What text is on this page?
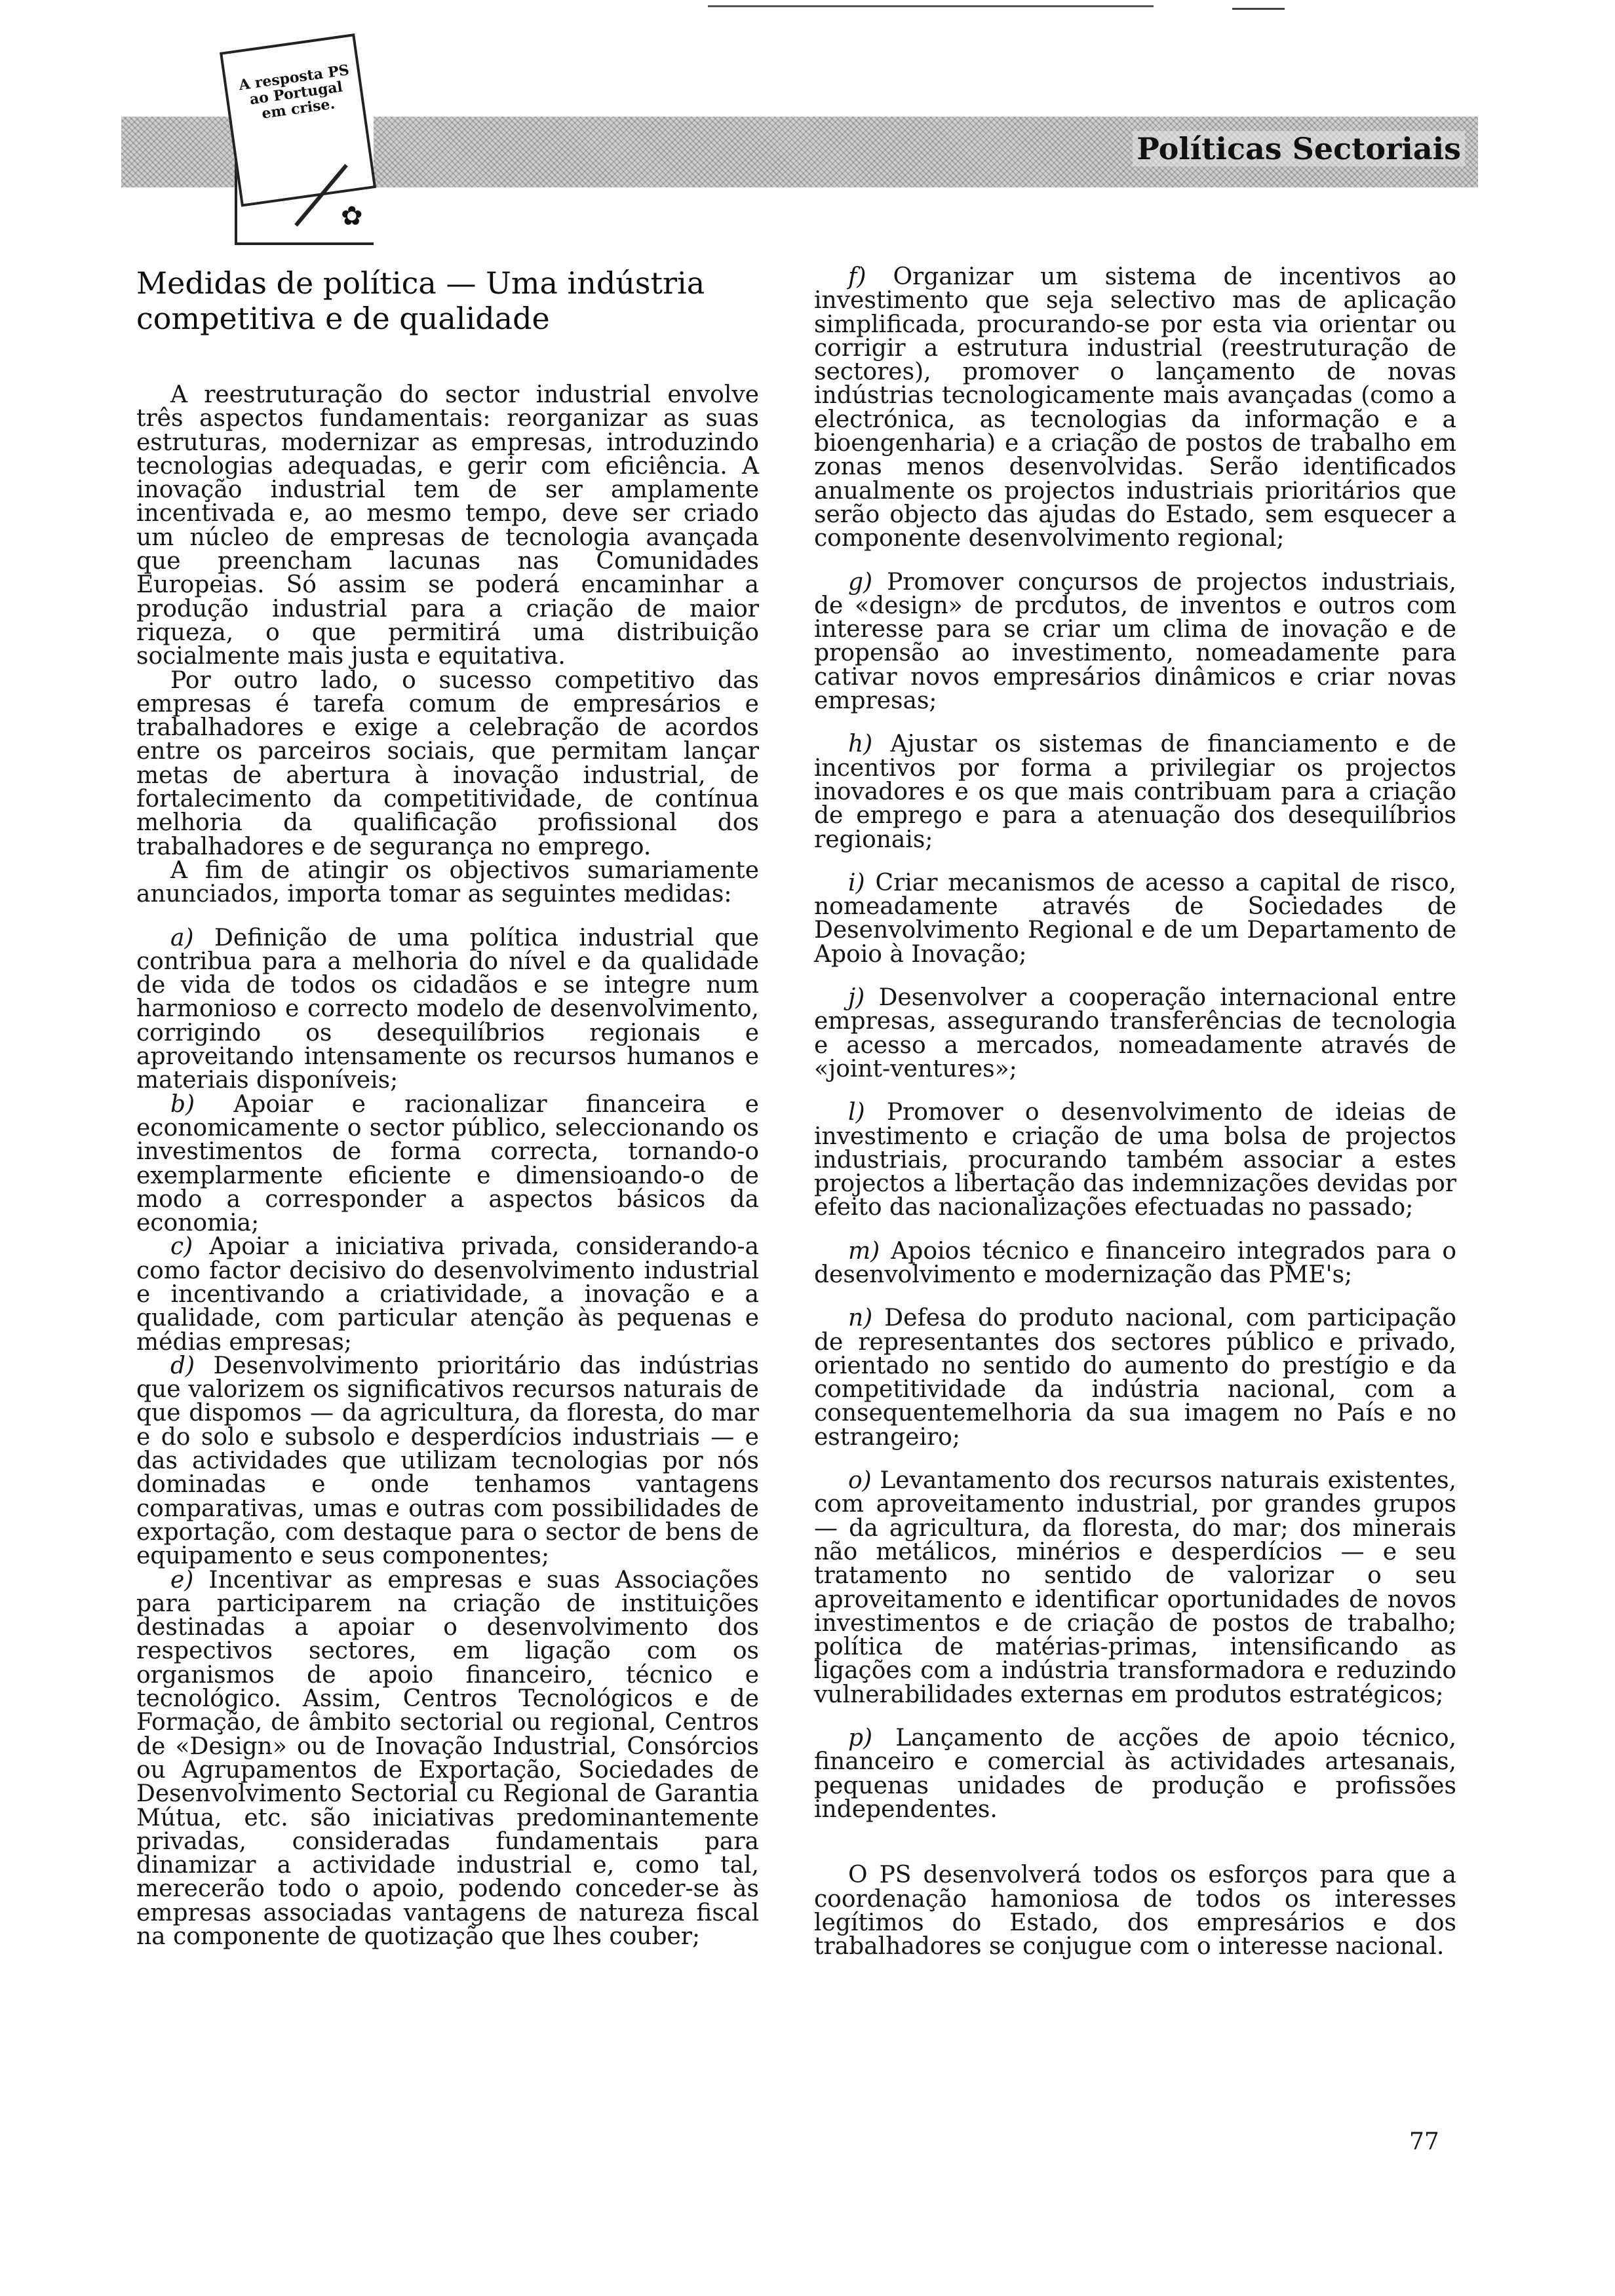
Políticas Sectoriais
A resposta PS ao Portugal em crise.
✿
Medidas de política — Uma indústria competitiva e de qualidade

A reestruturação do sector industrial envolve três aspectos fundamentais: reorganizar as suas estruturas, modernizar as empresas, introduzindo tecnologias adequadas, e gerir com eficiência. A inovação industrial tem de ser amplamente incentivada e, ao mesmo tempo, deve ser criado um núcleo de empresas de tecnologia avançada que preencham lacunas nas Comunidades Europeias. Só assim se poderá encaminhar a produção industrial para a criação de maior riqueza, o que permitirá uma distribuição socialmente mais justa e equitativa.

Por outro lado, o sucesso competitivo das empresas é tarefa comum de empresários e trabalhadores e exige a celebração de acordos entre os parceiros sociais, que permitam lançar metas de abertura à inovação industrial, de fortalecimento da competitividade, de contínua melhoria da qualificação profissional dos trabalhadores e de segurança no emprego.

A fim de atingir os objectivos sumariamente anunciados, importa tomar as seguintes medidas:

a) Definição de uma política industrial que contribua para a melhoria do nível e da qualidade de vida de todos os cidadãos e se integre num harmonioso e correcto modelo de desenvolvimento, corrigindo os desequilíbrios regionais e aproveitando intensamente os recursos humanos e materiais disponíveis;

b) Apoiar e racionalizar financeira e economicamente o sector público, seleccionando os investimentos de forma correcta, tornando-o exemplarmente eficiente e dimensioando-o de modo a corresponder a aspectos básicos da economia;

c) Apoiar a iniciativa privada, considerando-a como factor decisivo do desenvolvimento industrial e incentivando a criatividade, a inovação e a qualidade, com particular atenção às pequenas e médias empresas;

d) Desenvolvimento prioritário das indústrias que valorizem os significativos recursos naturais de que dispomos — da agricultura, da floresta, do mar e do solo e subsolo e desperdícios industriais — e das actividades que utilizam tecnologias por nós dominadas e onde tenhamos vantagens comparativas, umas e outras com possibilidades de exportação, com destaque para o sector de bens de equipamento e seus componentes;

e) Incentivar as empresas e suas Associações para participarem na criação de instituições destinadas a apoiar o desenvolvimento dos respectivos sectores, em ligação com os organismos de apoio financeiro, técnico e tecnológico. Assim, Centros Tecnológicos e de Formação, de âmbito sectorial ou regional, Centros de «Design» ou de Inovação Industrial, Consórcios ou Agrupamentos de Exportação, Sociedades de Desenvolvimento Sectorial cu Regional de Garantia Mútua, etc. são iniciativas predominantemente privadas, consideradas fundamentais para dinamizar a actividade industrial e, como tal, merecerão todo o apoio, podendo conceder-se às empresas associadas vantagens de natureza fiscal na componente de quotização que lhes couber;

f) Organizar um sistema de incentivos ao investimento que seja selectivo mas de aplicação simplificada, procurando-se por esta via orientar ou corrigir a estrutura industrial (reestruturação de sectores), promover o lançamento de novas indústrias tecnologicamente mais avançadas (como a electrónica, as tecnologias da informação e a bioengenharia) e a criação de postos de trabalho em zonas menos desenvolvidas. Serão identificados anualmente os projectos industriais prioritários que serão objecto das ajudas do Estado, sem esquecer a componente desenvolvimento regional;

g) Promover conçursos de projectos industriais, de «design» de prcdutos, de inventos e outros com interesse para se criar um clima de inovação e de propensão ao investimento, nomeadamente para cativar novos empresários dinâmicos e criar novas empresas;

h) Ajustar os sistemas de financiamento e de incentivos por forma a privilegiar os projectos inovadores e os que mais contribuam para a criação de emprego e para a atenuação dos desequilíbrios regionais;

i) Criar mecanismos de acesso a capital de risco, nomeadamente através de Sociedades de Desenvolvimento Regional e de um Departamento de Apoio à Inovação;

j) Desenvolver a cooperação internacional entre empresas, assegurando transferências de tecnologia e acesso a mercados, nomeadamente através de «joint-ventures»;

l) Promover o desenvolvimento de ideias de investimento e criação de uma bolsa de projectos industriais, procurando também associar a estes projectos a libertação das indemnizações devidas por efeito das nacionalizações efectuadas no passado;

m) Apoios técnico e financeiro integrados para o desenvolvimento e modernização das PME's;

n) Defesa do produto nacional, com participação de representantes dos sectores público e privado, orientado no sentido do aumento do prestígio e da competitividade da indústria nacional, com a consequentemelhoria da sua imagem no País e no estrangeiro;

o) Levantamento dos recursos naturais existentes, com aproveitamento industrial, por grandes grupos — da agricultura, da floresta, do mar; dos minerais não metálicos, minérios e desperdícios — e seu tratamento no sentido de valorizar o seu aproveitamento e identificar oportunidades de novos investimentos e de criação de postos de trabalho; política de matérias-primas, intensificando as ligações com a indústria transformadora e reduzindo vulnerabilidades externas em produtos estratégicos;

p) Lançamento de acções de apoio técnico, financeiro e comercial às actividades artesanais, pequenas unidades de produção e profissões independentes.

O PS desenvolverá todos os esforços para que a coordenação hamoniosa de todos os interesses legítimos do Estado, dos empresários e dos trabalhadores se conjugue com o interesse nacional.

77
